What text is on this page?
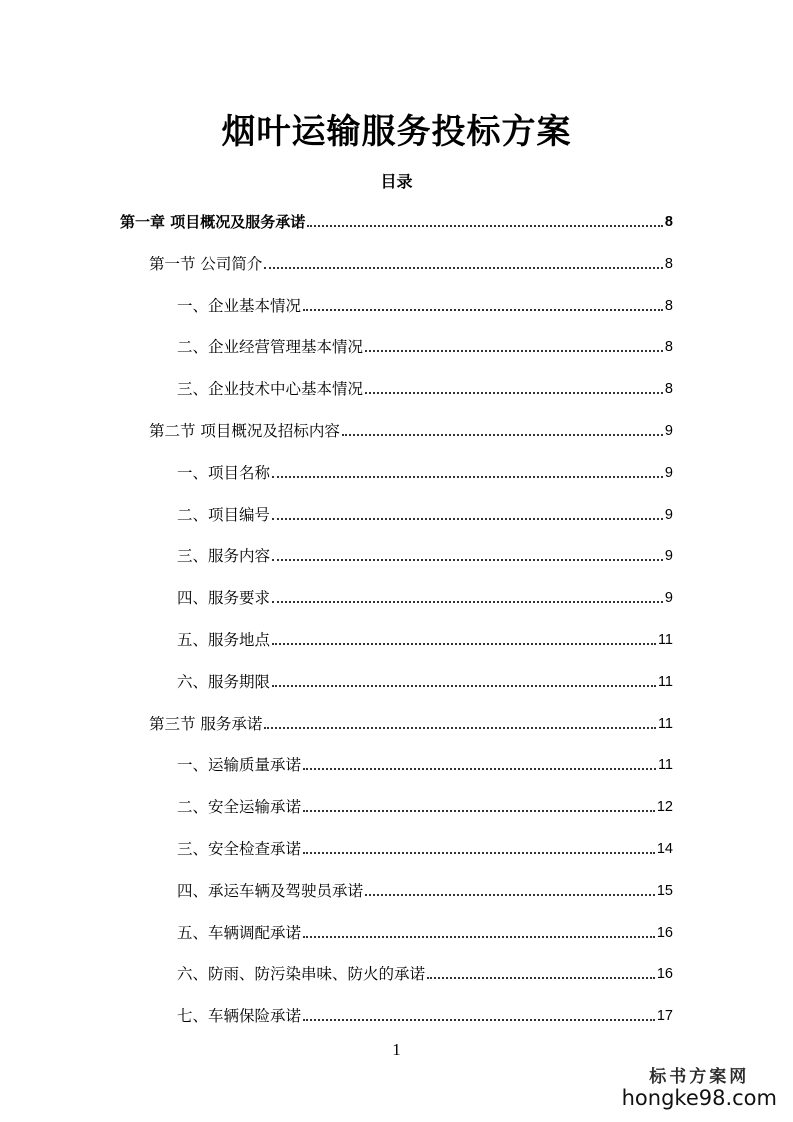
烟叶运输服务投标方案
目录
第一章 项目概况及服务承诺	8
第一节 公司简介	8
一、企业基本情况	8
二、企业经营管理基本情况	8
三、企业技术中心基本情况	8
第二节 项目概况及招标内容	9
一、项目名称	9
二、项目编号	9
三、服务内容	9
四、服务要求	9
五、服务地点	11
六、服务期限	11
第三节 服务承诺	11
一、运输质量承诺	11
二、安全运输承诺	12
三、安全检查承诺	14
四、承运车辆及驾驶员承诺	15
五、车辆调配承诺	16
六、防雨、防污染串味、防火的承诺	16
七、车辆保险承诺	17
1
标书方案网
hongke98.com
